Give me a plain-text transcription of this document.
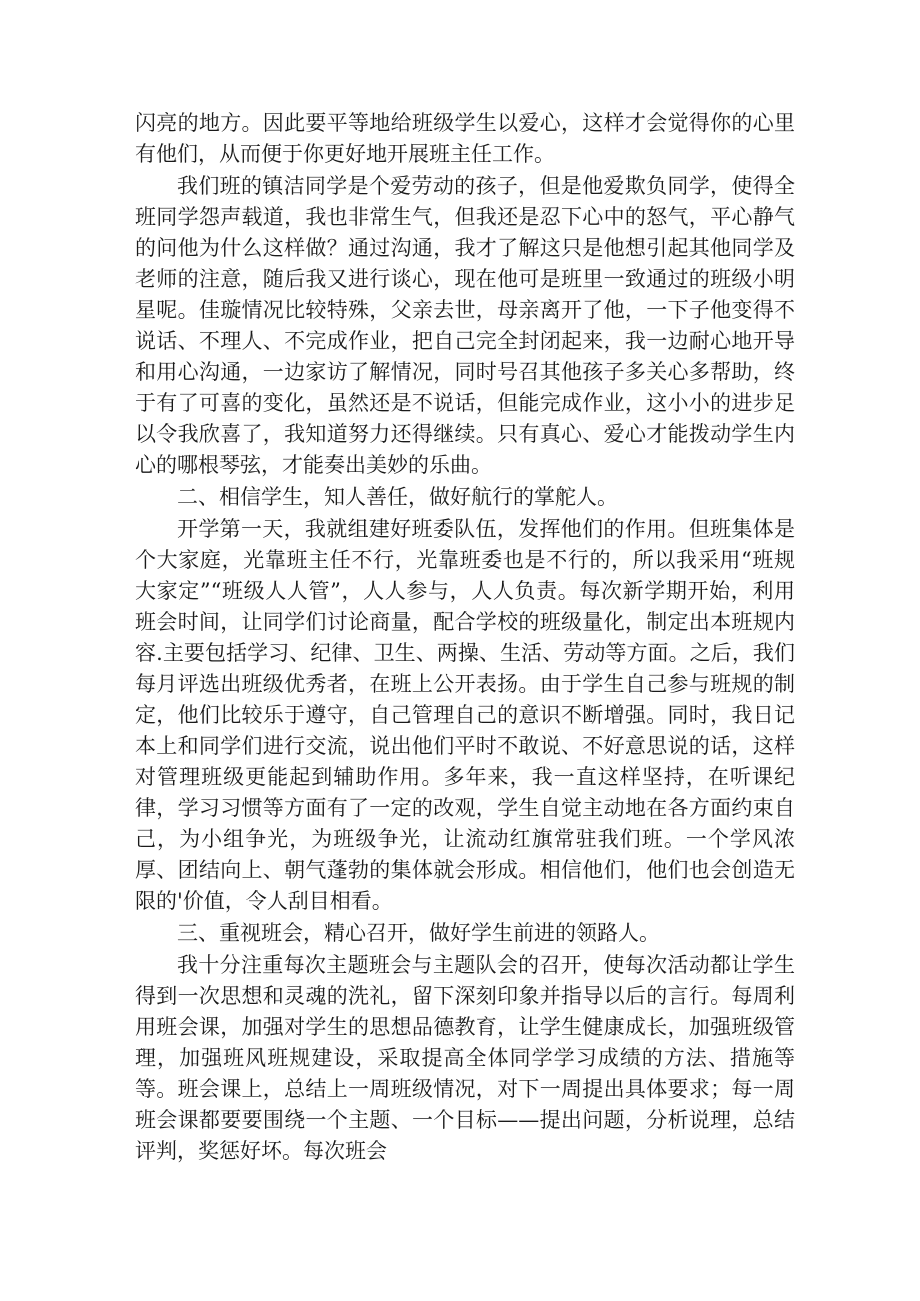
闪亮的地方。因此要平等地给班级学生以爱心，这样才会觉得你的心里有他们，从而便于你更好地开展班主任工作。

我们班的镇洁同学是个爱劳动的孩子，但是他爱欺负同学，使得全班同学怨声载道，我也非常生气，但我还是忍下心中的怒气，平心静气的问他为什么这样做？通过沟通，我才了解这只是他想引起其他同学及老师的注意，随后我又进行谈心，现在他可是班里一致通过的班级小明星呢。佳璇情况比较特殊，父亲去世，母亲离开了他，一下子他变得不说话、不理人、不完成作业，把自己完全封闭起来，我一边耐心地开导和用心沟通，一边家访了解情况，同时号召其他孩子多关心多帮助，终于有了可喜的变化，虽然还是不说话，但能完成作业，这小小的进步足以令我欣喜了，我知道努力还得继续。只有真心、爱心才能拨动学生内心的哪根琴弦，才能奏出美妙的乐曲。

二、相信学生，知人善任，做好航行的掌舵人。

开学第一天，我就组建好班委队伍，发挥他们的作用。但班集体是个大家庭，光靠班主任不行，光靠班委也是不行的，所以我采用“班规大家定”“班级人人管”，人人参与，人人负责。每次新学期开始，利用班会时间，让同学们讨论商量，配合学校的班级量化，制定出本班规内容.主要包括学习、纪律、卫生、两操、生活、劳动等方面。之后，我们每月评选出班级优秀者，在班上公开表扬。由于学生自己参与班规的制定，他们比较乐于遵守，自己管理自己的意识不断增强。同时，我日记本上和同学们进行交流，说出他们平时不敢说、不好意思说的话，这样对管理班级更能起到辅助作用。多年来，我一直这样坚持，在听课纪律，学习习惯等方面有了一定的改观，学生自觉主动地在各方面约束自己，为小组争光，为班级争光，让流动红旗常驻我们班。一个学风浓厚、团结向上、朝气蓬勃的集体就会形成。相信他们，他们也会创造无限的'价值，令人刮目相看。

三、重视班会，精心召开，做好学生前进的领路人。

我十分注重每次主题班会与主题队会的召开，使每次活动都让学生得到一次思想和灵魂的洗礼，留下深刻印象并指导以后的言行。每周利用班会课，加强对学生的思想品德教育，让学生健康成长，加强班级管理，加强班风班规建设，采取提高全体同学学习成绩的方法、措施等等。班会课上，总结上一周班级情况，对下一周提出具体要求；每一周班会课都要要围绕一个主题、一个目标——提出问题，分析说理，总结评判，奖惩好坏。每次班会
